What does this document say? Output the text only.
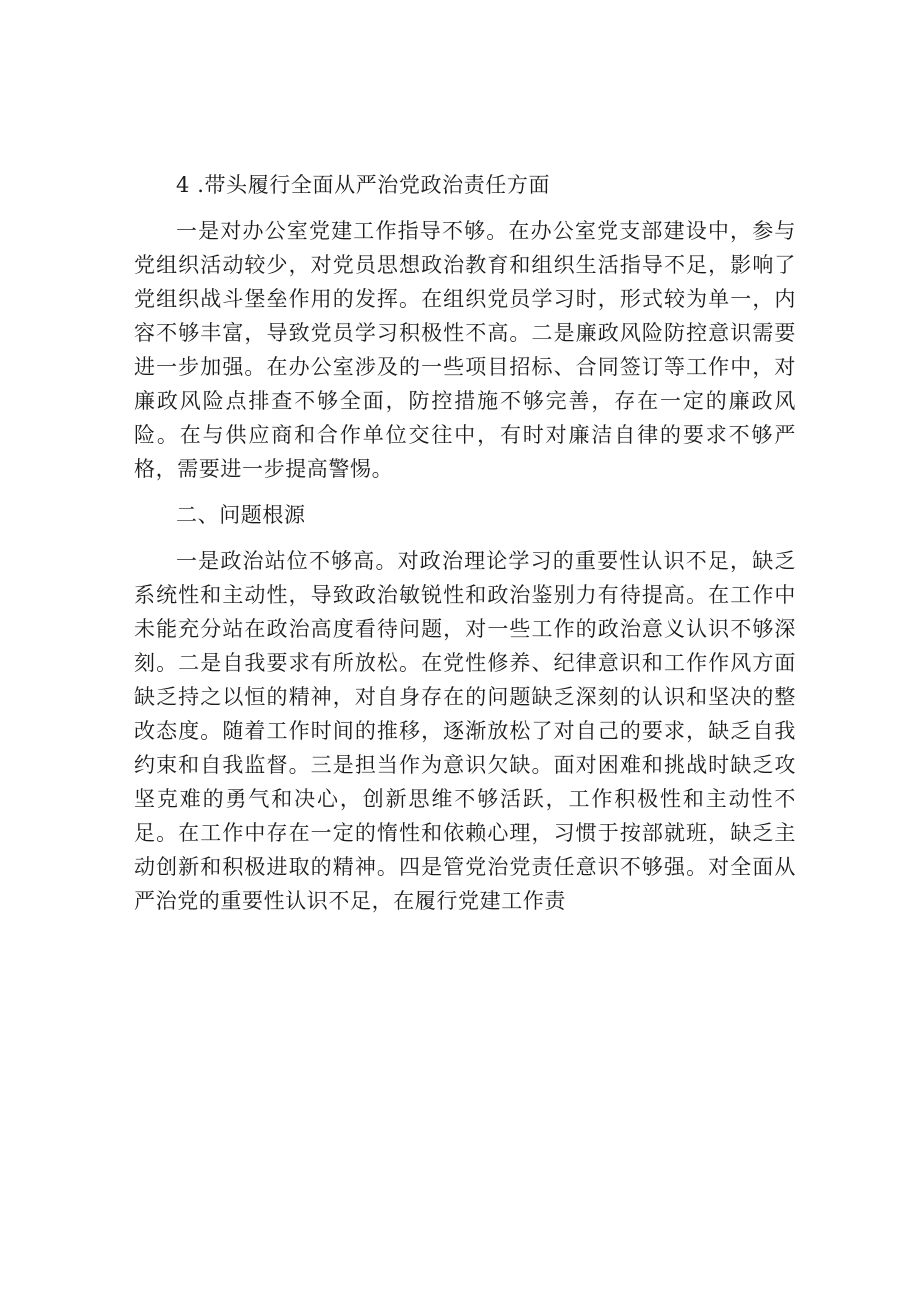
4 .带头履行全面从严治党政治责任方面

一是对办公室党建工作指导不够。在办公室党支部建设中，参与党组织活动较少，对党员思想政治教育和组织生活指导不足，影响了党组织战斗堡垒作用的发挥。在组织党员学习时，形式较为单一，内容不够丰富，导致党员学习积极性不高。二是廉政风险防控意识需要进一步加强。在办公室涉及的一些项目招标、合同签订等工作中，对廉政风险点排查不够全面，防控措施不够完善，存在一定的廉政风险。在与供应商和合作单位交往中，有时对廉洁自律的要求不够严格，需要进一步提高警惕。

二、问题根源

一是政治站位不够高。对政治理论学习的重要性认识不足，缺乏系统性和主动性，导致政治敏锐性和政治鉴别力有待提高。在工作中未能充分站在政治高度看待问题，对一些工作的政治意义认识不够深刻。二是自我要求有所放松。在党性修养、纪律意识和工作作风方面缺乏持之以恒的精神，对自身存在的问题缺乏深刻的认识和坚决的整改态度。随着工作时间的推移，逐渐放松了对自己的要求，缺乏自我约束和自我监督。三是担当作为意识欠缺。面对困难和挑战时缺乏攻坚克难的勇气和决心，创新思维不够活跃，工作积极性和主动性不足。在工作中存在一定的惰性和依赖心理，习惯于按部就班，缺乏主动创新和积极进取的精神。四是管党治党责任意识不够强。对全面从严治党的重要性认识不足，在履行党建工作责
